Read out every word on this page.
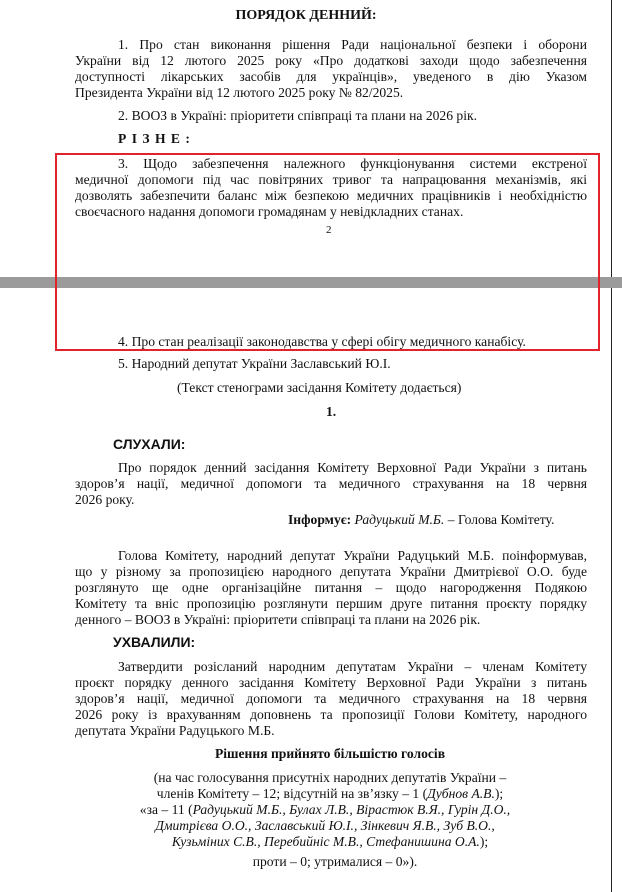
ПОРЯДОК ДЕННИЙ:
1. Про стан виконання рішення Ради національної безпеки і оборони
України від 12 лютого 2025 року «Про додаткові заходи щодо забезпечення
доступності лікарських засобів для українців», уведеного в дію Указом
Президента України від 12 лютого 2025 року № 82/2025.
2. ВООЗ в Україні: пріоритети співпраці та плани на 2026 рік.
Р І З Н Е :
3. Щодо забезпечення належного функціонування системи екстреної
медичної допомоги під час повітряних тривог та напрацювання механізмів, які
дозволять забезпечити баланс між безпекою медичних працівників і необхідністю
своєчасного надання допомоги громадянам у невідкладних станах.
2
4. Про стан реалізації законодавства у сфері обігу медичного канабісу.
5. Народний депутат України Заславський Ю.І.
(Текст стенограми засідання Комітету додається)
1.
СЛУХАЛИ:
Про порядок денний засідання Комітету Верховної Ради України з питань
здоров’я нації, медичної допомоги та медичного страхування на 18 червня
2026 року.
Інформує: Радуцький М.Б. – Голова Комітету.
Голова Комітету, народний депутат України Радуцький М.Б. поінформував,
що у різному за пропозицією народного депутата України Дмитрієвої О.О. буде
розглянуто ще одне організаційне питання – щодо нагородження Подякою
Комітету та вніс пропозицію розглянути першим друге питання проєкту порядку
денного – ВООЗ в Україні: пріоритети співпраці та плани на 2026 рік.
УХВАЛИЛИ:
Затвердити розісланий народним депутатам України – членам Комітету
проєкт порядку денного засідання Комітету Верховної Ради України з питань
здоров’я нації, медичної допомоги та медичного страхування на 18 червня
2026 року із врахуванням доповнень та пропозиції Голови Комітету, народного
депутата України Радуцького М.Б.
Рішення прийнято більшістю голосів
(на час голосування присутніх народних депутатів України –
членів Комітету – 12; відсутній на зв’язку – 1 (Дубнов А.В.);
«за – 11 (Радуцький М.Б., Булах Л.В., Віраcтюк В.Я., Гурін Д.О.,
Дмитрієва О.О., Заславський Ю.І., Зінкевич Я.В., Зуб В.О.,
Кузьміних С.В., Перебийніс М.В., Стефанишина О.А.);
проти – 0; утрималися – 0»).
